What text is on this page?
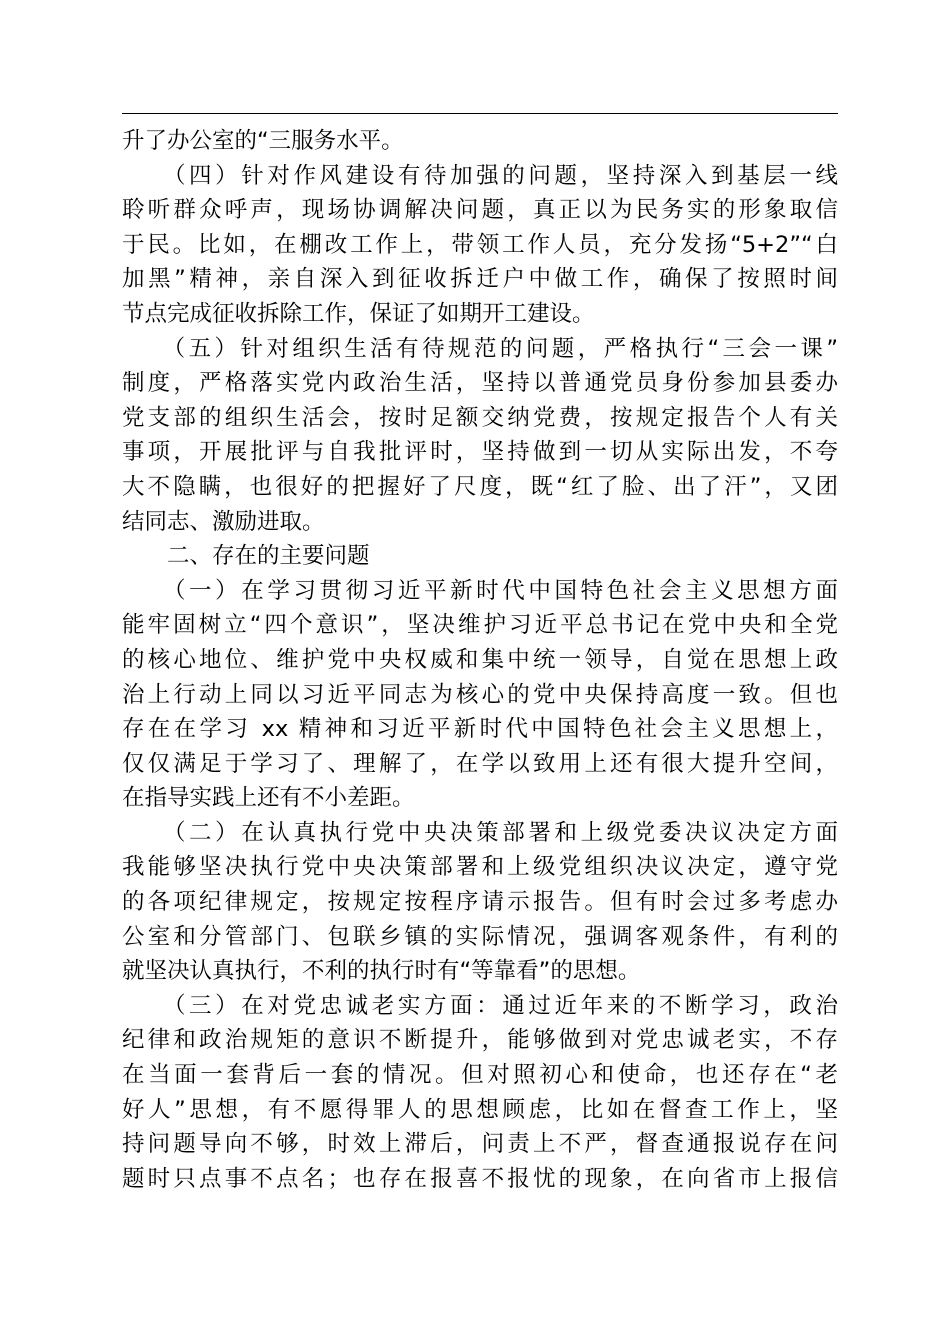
升了办公室的“三服务水平。
　　（四）针对作风建设有待加强的问题，坚持深入到基层一线
聆听群众呼声，现场协调解决问题，真正以为民务实的形象取信
于民。比如，在棚改工作上，带领工作人员，充分发扬“5+2”“白
加黑”精神，亲自深入到征收拆迁户中做工作，确保了按照时间
节点完成征收拆除工作，保证了如期开工建设。
　　（五）针对组织生活有待规范的问题，严格执行“三会一课”
制度，严格落实党内政治生活，坚持以普通党员身份参加县委办
党支部的组织生活会，按时足额交纳党费，按规定报告个人有关
事项，开展批评与自我批评时，坚持做到一切从实际出发，不夸
大不隐瞒，也很好的把握好了尺度，既“红了脸、出了汗”，又团
结同志、激励进取。
　　二、存在的主要问题
　　（一）在学习贯彻习近平新时代中国特色社会主义思想方面
能牢固树立“四个意识”，坚决维护习近平总书记在党中央和全党
的核心地位、维护党中央权威和集中统一领导，自觉在思想上政
治上行动上同以习近平同志为核心的党中央保持高度一致。但也
存在在学习 xx 精神和习近平新时代中国特色社会主义思想上，
仅仅满足于学习了、理解了，在学以致用上还有很大提升空间，
在指导实践上还有不小差距。
　　（二）在认真执行党中央决策部署和上级党委决议决定方面
我能够坚决执行党中央决策部署和上级党组织决议决定，遵守党
的各项纪律规定，按规定按程序请示报告。但有时会过多考虑办
公室和分管部门、包联乡镇的实际情况，强调客观条件，有利的
就坚决认真执行，不利的执行时有“等靠看”的思想。
　　（三）在对党忠诚老实方面：通过近年来的不断学习，政治
纪律和政治规矩的意识不断提升，能够做到对党忠诚老实，不存
在当面一套背后一套的情况。但对照初心和使命，也还存在“老
好人”思想，有不愿得罪人的思想顾虑，比如在督查工作上，坚
持问题导向不够，时效上滞后，问责上不严，督查通报说存在问
题时只点事不点名；也存在报喜不报忧的现象，在向省市上报信
